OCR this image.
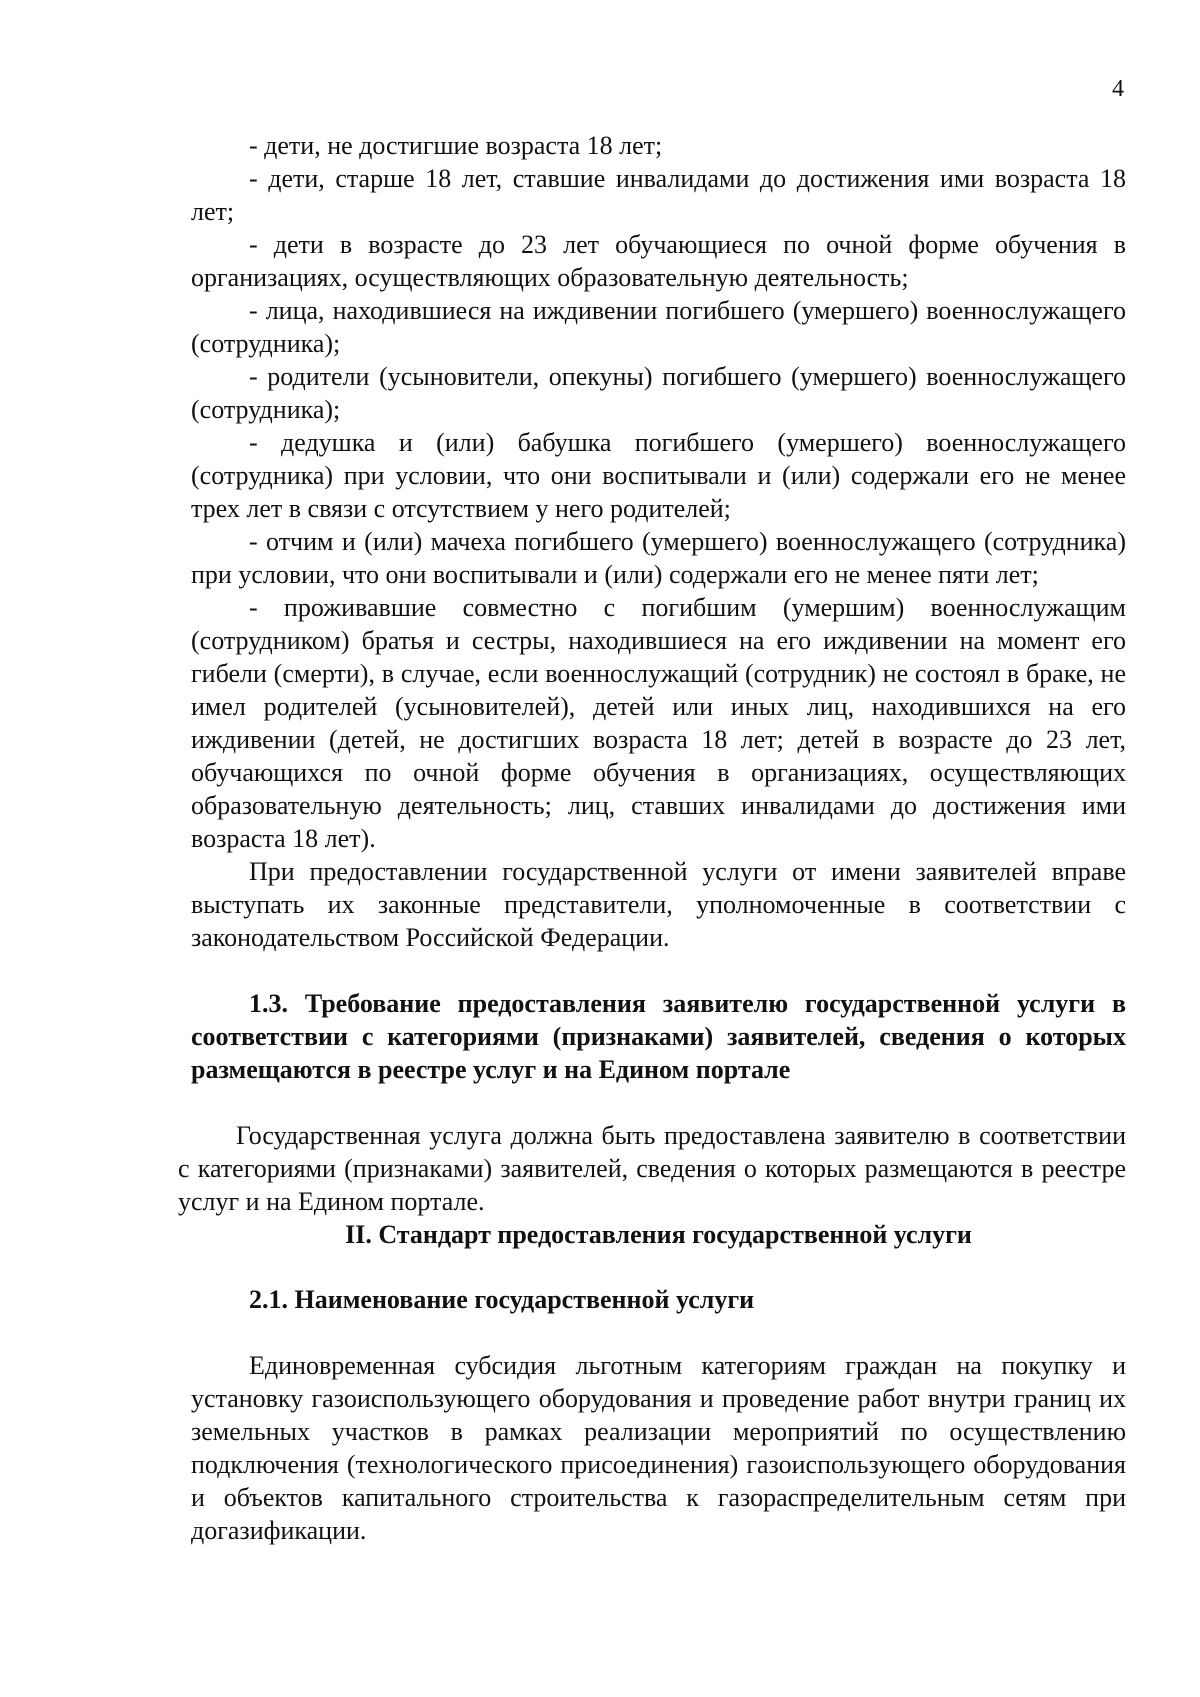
4

- дети, не достигшие возраста 18 лет;

- дети, старше 18 лет, ставшие инвалидами до достижения ими возраста 18 лет;

- дети в возрасте до 23 лет обучающиеся по очной форме обучения в организациях, осуществляющих образовательную деятельность;

- лица, находившиеся на иждивении погибшего (умершего) военнослужащего (сотрудника);

- родители (усыновители, опекуны) погибшего (умершего) военнослужащего (сотрудника);

- дедушка и (или) бабушка погибшего (умершего) военнослужащего (сотрудника) при условии, что они воспитывали и (или) содержали его не менее трех лет в связи с отсутствием у него родителей;

- отчим и (или) мачеха погибшего (умершего) военнослужащего (сотрудника) при условии, что они воспитывали и (или) содержали его не менее пяти лет;

- проживавшие совместно с погибшим (умершим) военнослужащим (сотрудником) братья и сестры, находившиеся на его иждивении на момент его гибели (смерти), в случае, если военнослужащий (сотрудник) не состоял в браке, не имел родителей (усыновителей), детей или иных лиц, находившихся на его иждивении (детей, не достигших возраста 18 лет; детей в возрасте до 23 лет, обучающихся по очной форме обучения в организациях, осуществляющих образовательную деятельность; лиц, ставших инвалидами до достижения ими возраста 18 лет).

При предоставлении государственной услуги от имени заявителей вправе выступать их законные представители, уполномоченные в соответствии с законодательством Российской Федерации.

1.3. Требование предоставления заявителю государственной услуги в соответствии с категориями (признаками) заявителей, сведения о которых размещаются в реестре услуг и на Едином портале

Государственная услуга должна быть предоставлена заявителю в соответствии с категориями (признаками) заявителей, сведения о которых размещаются в реестре услуг и на Едином портале.

II. Стандарт предоставления государственной услуги

2.1. Наименование государственной услуги

Единовременная субсидия льготным категориям граждан на покупку и установку газоиспользующего оборудования и проведение работ внутри границ их земельных участков в рамках реализации мероприятий по осуществлению подключения (технологического присоединения) газоиспользующего оборудования и объектов капитального строительства к газораспределительным сетям при догазификации.
